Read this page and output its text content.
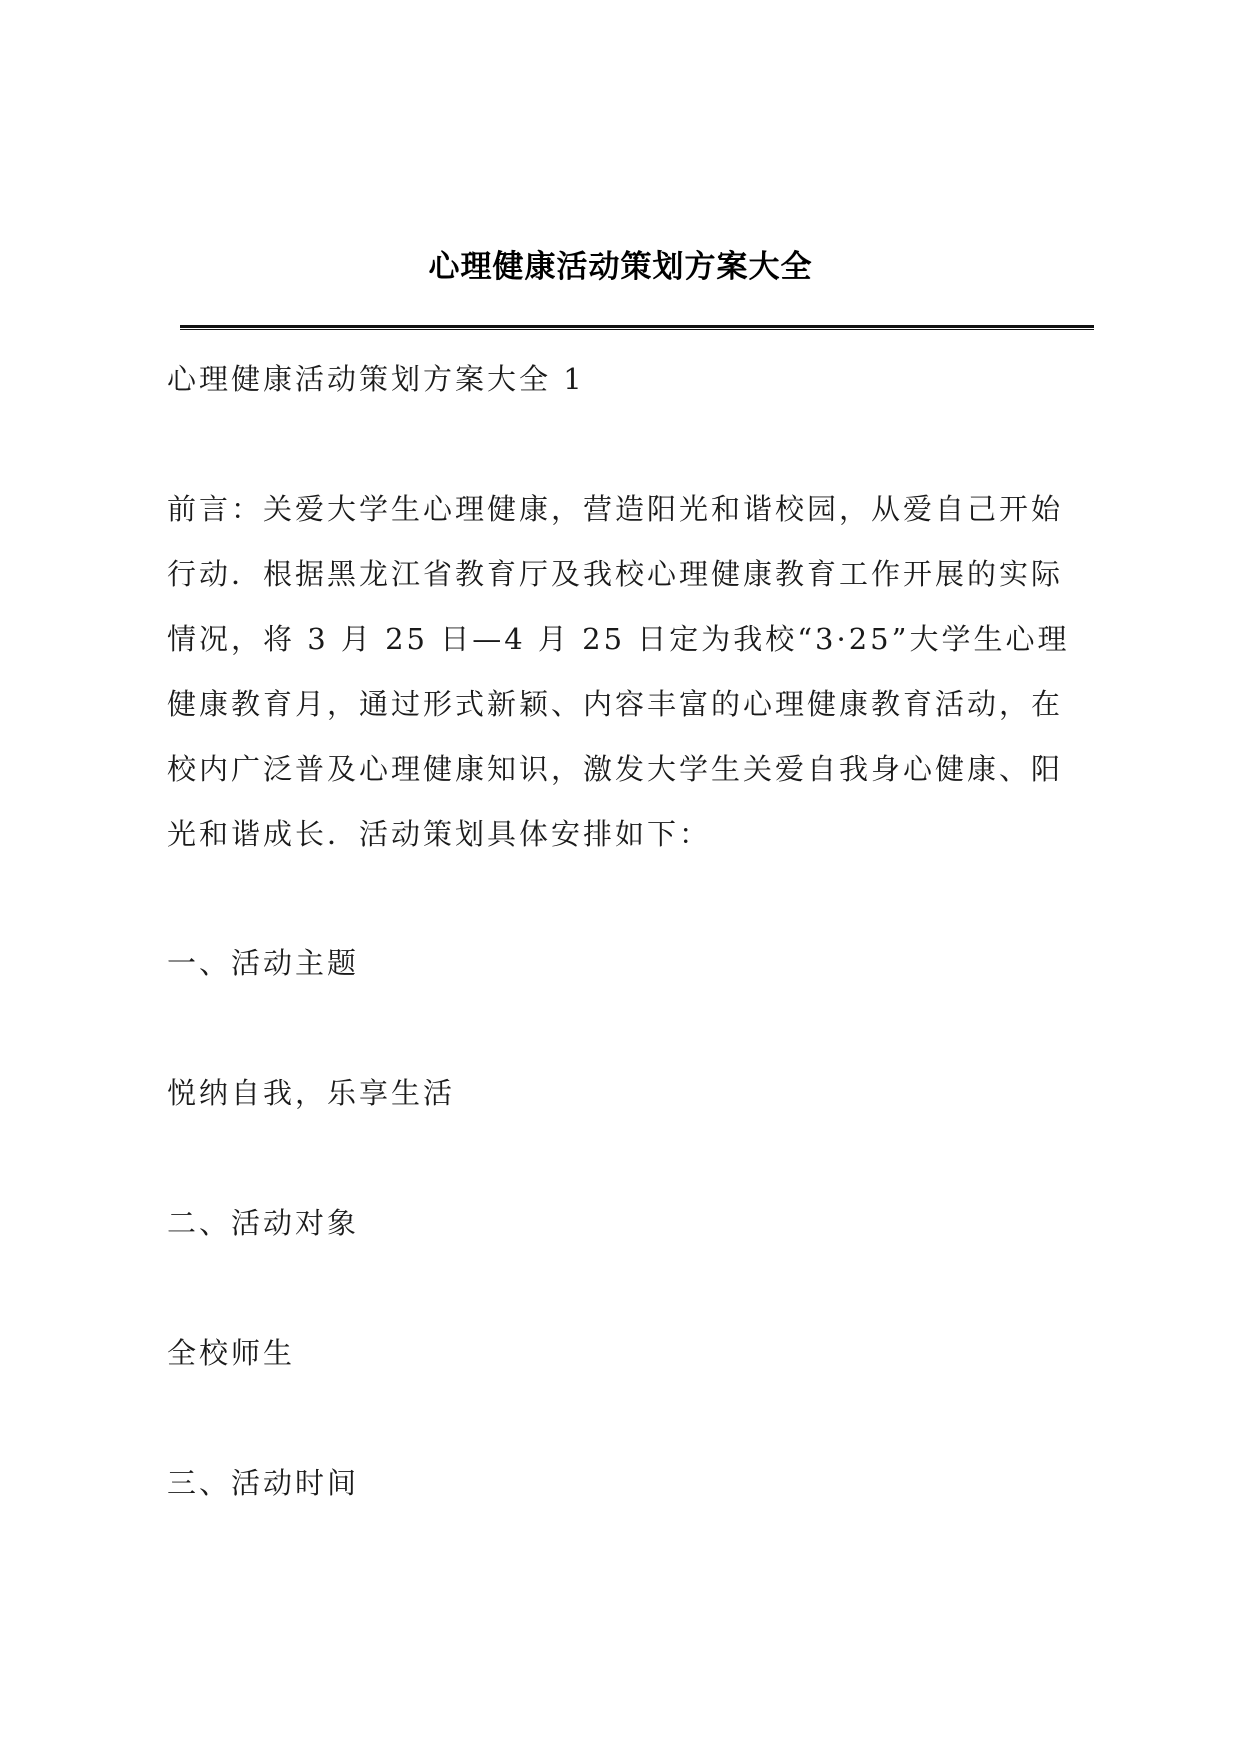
心理健康活动策划方案大全

心理健康活动策划方案大全 1

前言：关爱大学生心理健康，营造阳光和谐校园，从爱自己开始
行动．根据黑龙江省教育厅及我校心理健康教育工作开展的实际
情况，将 3 月 25 日—4 月 25 日定为我校“3·25”大学生心理
健康教育月，通过形式新颖、内容丰富的心理健康教育活动，在
校内广泛普及心理健康知识，激发大学生关爱自我身心健康、阳
光和谐成长．活动策划具体安排如下：

一、活动主题

悦纳自我，乐享生活

二、活动对象

全校师生

三、活动时间
